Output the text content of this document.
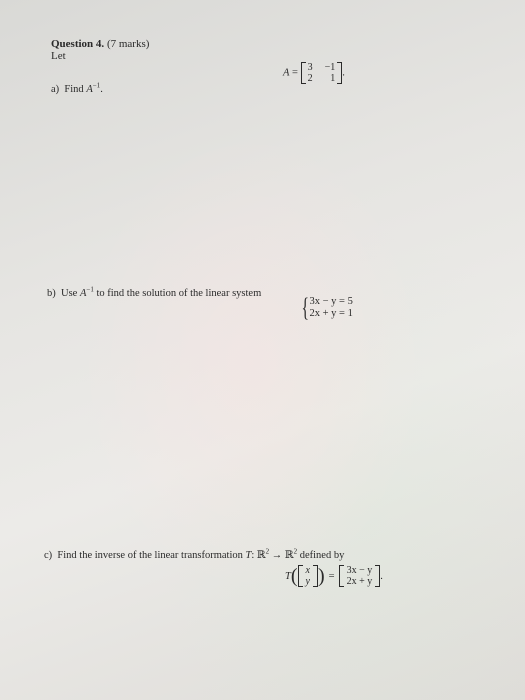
Question 4. (7 marks)
Let
A = 3 −1
2	1
.
a) Find $A^{-1}$.
b) Use $A^{-1}$ to find the solution of the linear system { 3x − y = 5
2x + y = 1
c) Find the inverse of the linear transformation T: ℝ$^2$ → ℝ$^2$ defined by
T ( x
y ) = 3x − y
2x + y .
